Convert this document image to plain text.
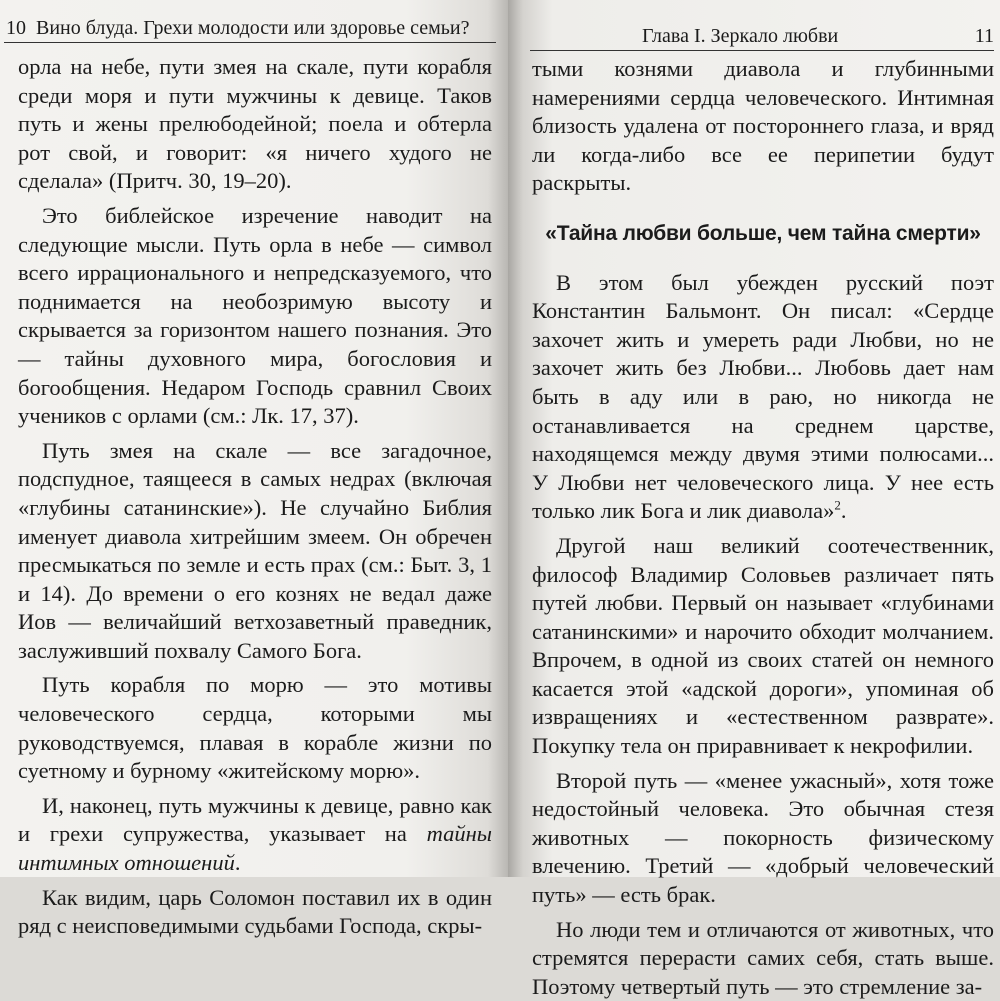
10 Вино блуда. Грехи молодости или здоровье семьи?

орла на небе, пути змея на скале, пути корабля среди моря и пути мужчины к девице. Таков путь и жены прелюбодейной; поела и обтерла рот свой, и говорит: «я ничего худого не сделала» (Притч. 30, 19–20).

Это библейское изречение наводит на следующие мысли. Путь орла в небе — символ всего иррационального и непредсказуемого, что поднимается на необозримую высоту и скрывается за горизонтом нашего познания. Это — тайны духовного мира, богословия и богообщения. Недаром Господь сравнил Своих учеников с орлами (см.: Лк. 17, 37).

Путь змея на скале — все загадочное, подспудное, таящееся в самых недрах (включая «глубины сатанинские»). Не случайно Библия именует диавола хитрейшим змеем. Он обречен пресмыкаться по земле и есть прах (см.: Быт. 3, 1 и 14). До времени о его кознях не ведал даже Иов — величайший ветхозаветный праведник, заслуживший похвалу Самого Бога.

Путь корабля по морю — это мотивы человеческого сердца, которыми мы руководствуемся, плавая в корабле жизни по суетному и бурному «житейскому морю».

И, наконец, путь мужчины к девице, равно как и грехи супружества, указывает на тайны интимных отношений.

Как видим, царь Соломон поставил их в один ряд с неисповедимыми судьбами Господа, скры-

Глава I. Зеркало любви	11

тыми кознями диавола и глубинными намерениями сердца человеческого. Интимная близость удалена от постороннего глаза, и вряд ли когда-либо все ее перипетии будут раскрыты.

«Тайна любви больше, чем тайна смерти»

В этом был убежден русский поэт Константин Бальмонт. Он писал: «Сердце захочет жить и умереть ради Любви, но не захочет жить без Любви... Любовь дает нам быть в аду или в раю, но никогда не останавливается на среднем царстве, находящемся между двумя этими полюсами... У Любви нет человеческого лица. У нее есть только лик Бога и лик диавола»$^2$.

Другой наш великий соотечественник, философ Владимир Соловьев различает пять путей любви. Первый он называет «глубинами сатанинскими» и нарочито обходит молчанием. Впрочем, в одной из своих статей он немного касается этой «адской дороги», упоминая об извращениях и «естественном разврате». Покупку тела он приравнивает к некрофилии.

Второй путь — «менее ужасный», хотя тоже недостойный человека. Это обычная стезя животных — покорность физическому влечению. Третий — «добрый человеческий путь» — есть брак.

Но люди тем и отличаются от животных, что стремятся перерасти самих себя, стать выше. Поэтому четвертый путь — это стремление за-
